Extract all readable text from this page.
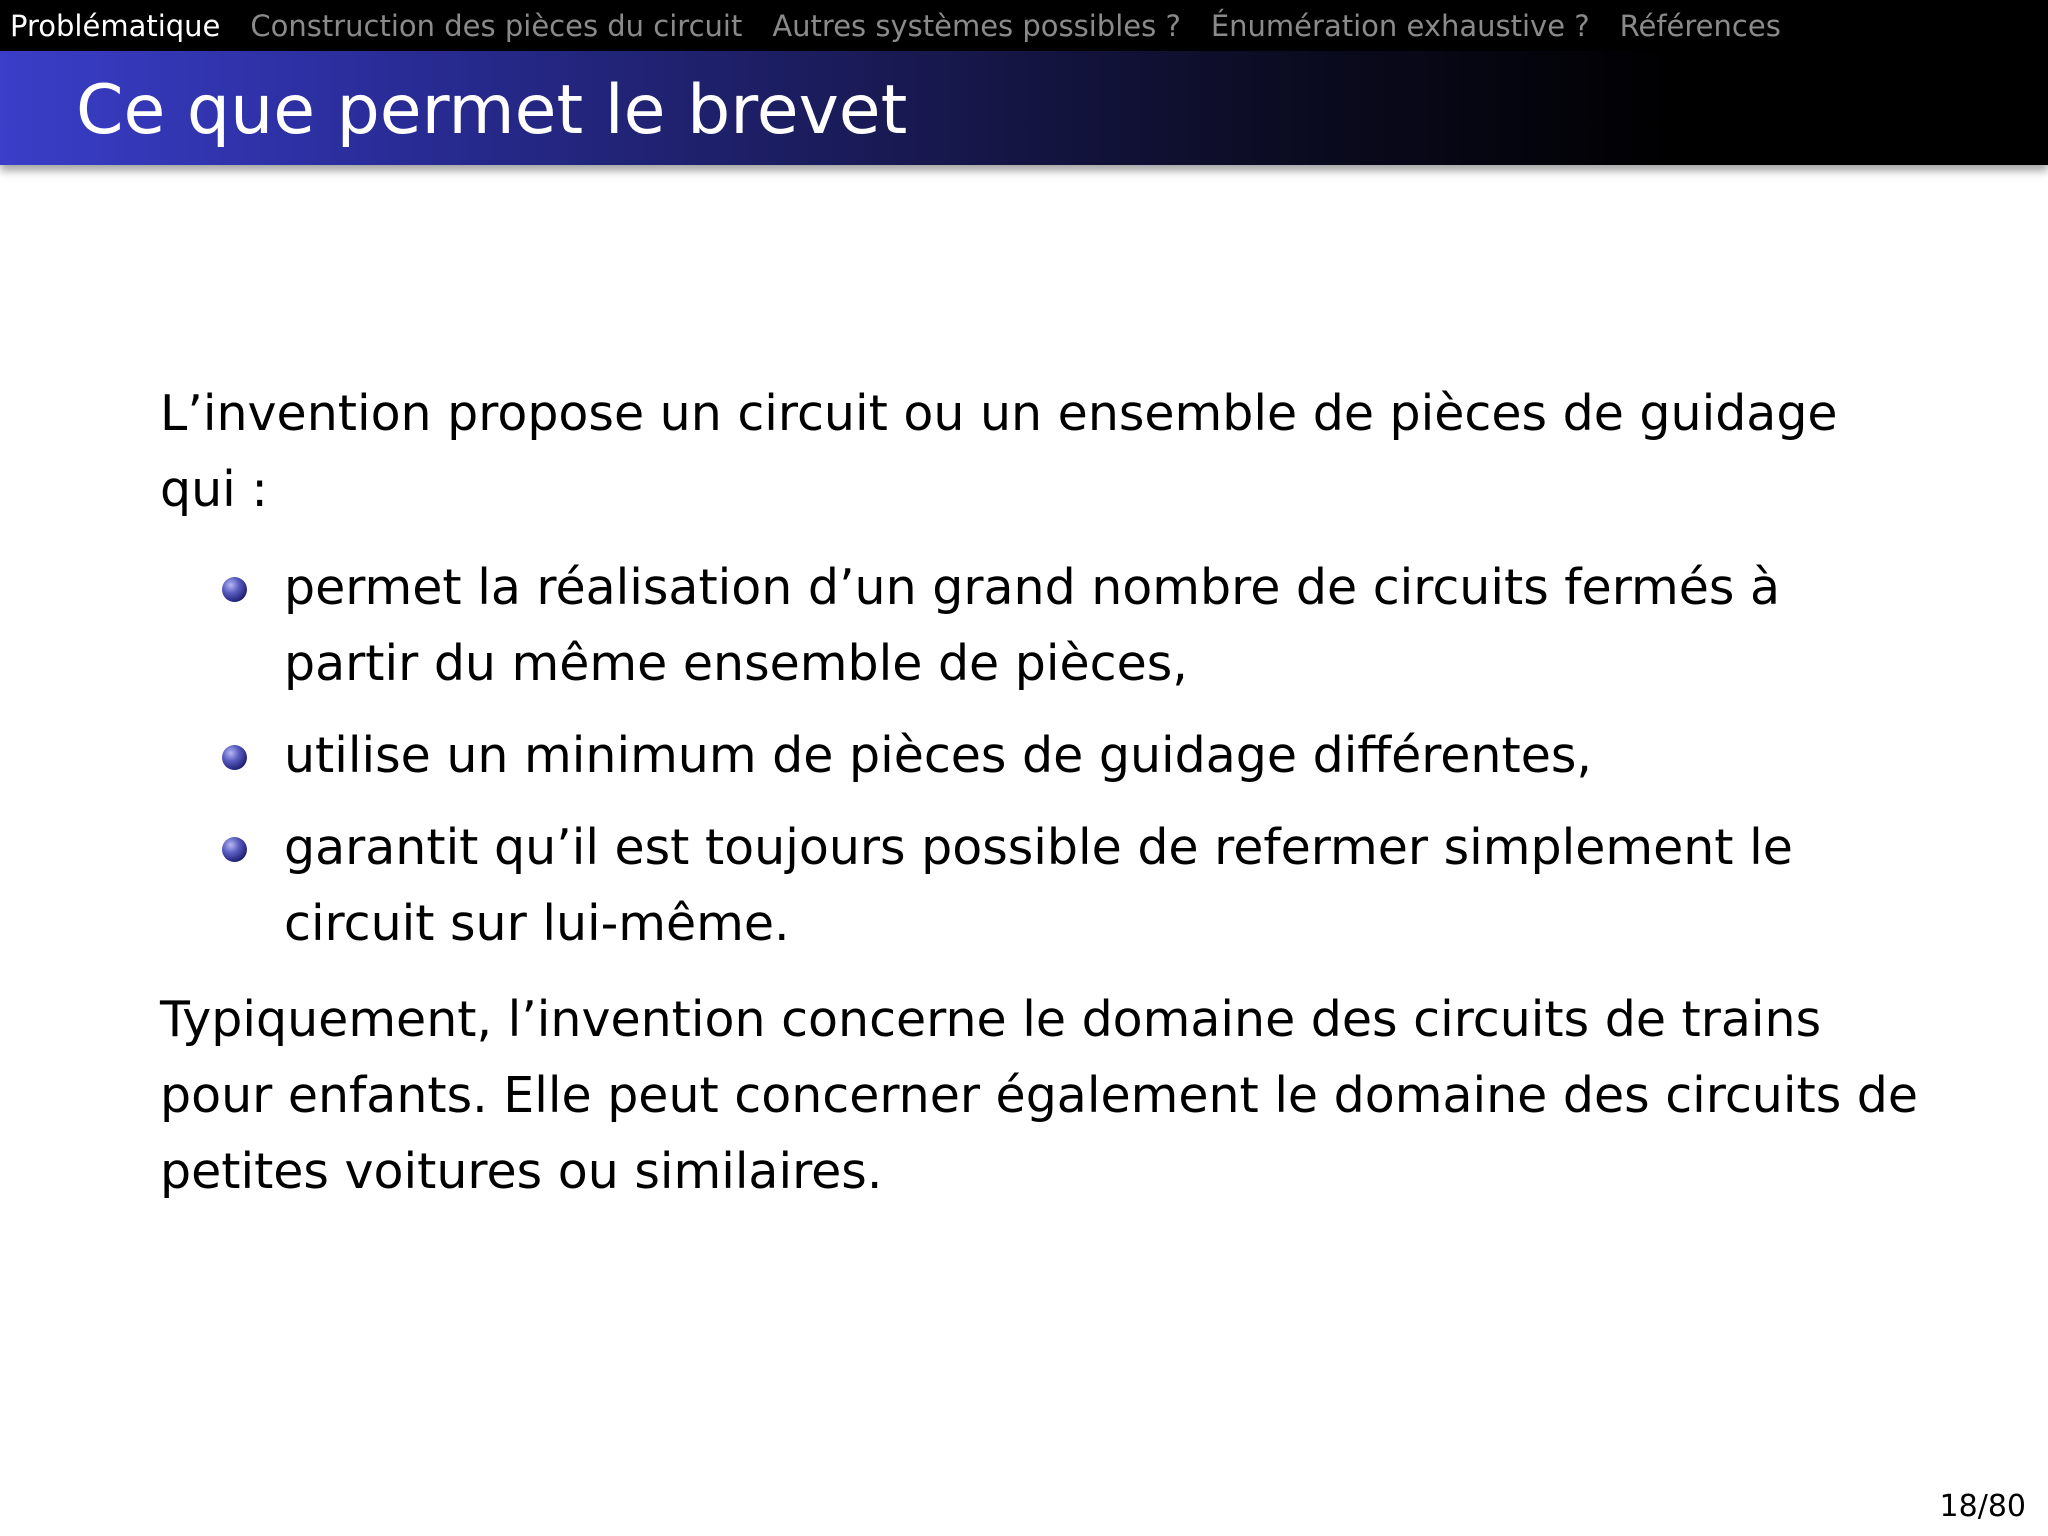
Problématique Construction des pièces du circuit Autres systèmes possibles ? Énumération exhaustive ? Références
Ce que permet le brevet

L’invention propose un circuit ou un ensemble de pièces de guidage qui :

permet la réalisation d’un grand nombre de circuits fermés à partir du même ensemble de pièces,
utilise un minimum de pièces de guidage différentes,
garantit qu’il est toujours possible de refermer simplement le circuit sur lui-même.

Typiquement, l’invention concerne le domaine des circuits de trains pour enfants. Elle peut concerner également le domaine des circuits de petites voitures ou similaires.

18/80
